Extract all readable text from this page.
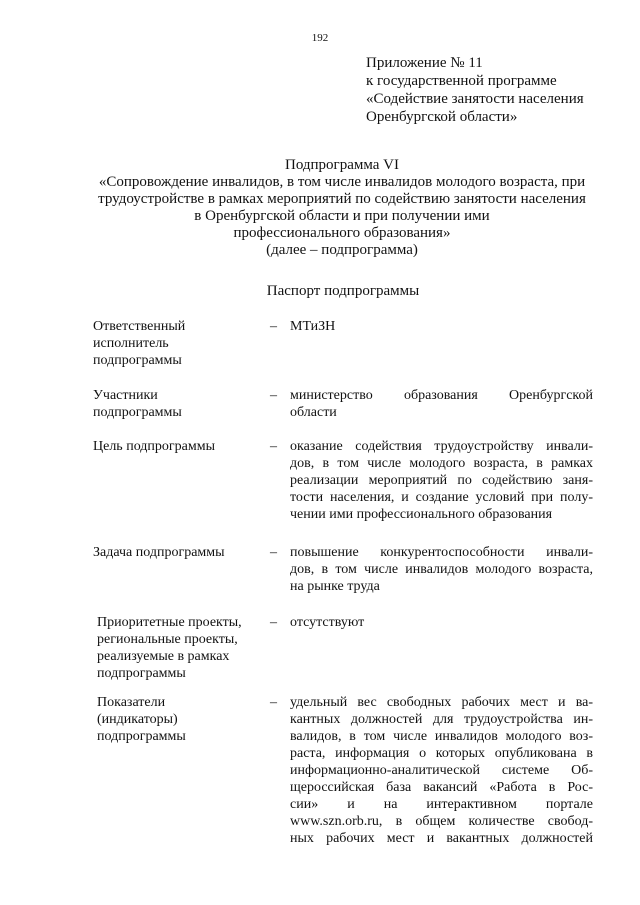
192
Приложение № 11
к государственной программе
«Содействие занятости населения
Оренбургской области»
Подпрограмма VI
«Сопровождение инвалидов, в том числе инвалидов молодого возраста, при
трудоустройстве в рамках мероприятий по содействию занятости населения
в Оренбургской области и при получении ими
профессионального образования»
(далее – подпрограмма)
Паспорт подпрограммы
Ответственный
исполнитель
подпрограммы
– МТиЗН
Участники
подпрограммы
– министерство образования Оренбургской
области
Цель подпрограммы	– оказание содействия трудоустройству инвали-
дов, в том числе молодого возраста, в рамках
реализации мероприятий по содействию заня-
тости населения, и создание условий при полу-
чении ими профессионального образования
Задача подпрограммы	– повышение конкурентоспособности инвали-
дов, в том числе инвалидов молодого возраста,
на рынке труда
Приоритетные проекты,
региональные проекты,
реализуемые в рамках
подпрограммы
– отсутствуют
Показатели
(индикаторы)
подпрограммы
– удельный вес свободных рабочих мест и ва-
кантных должностей для трудоустройства ин-
валидов, в том числе инвалидов молодого воз-
раста, информация о которых опубликована в
информационно-аналитической системе Об-
щероссийская база вакансий «Работа в Рос-
сии» и на интерактивном портале
www.szn.orb.ru, в общем количестве свобод-
ных рабочих мест и вакантных должностей
